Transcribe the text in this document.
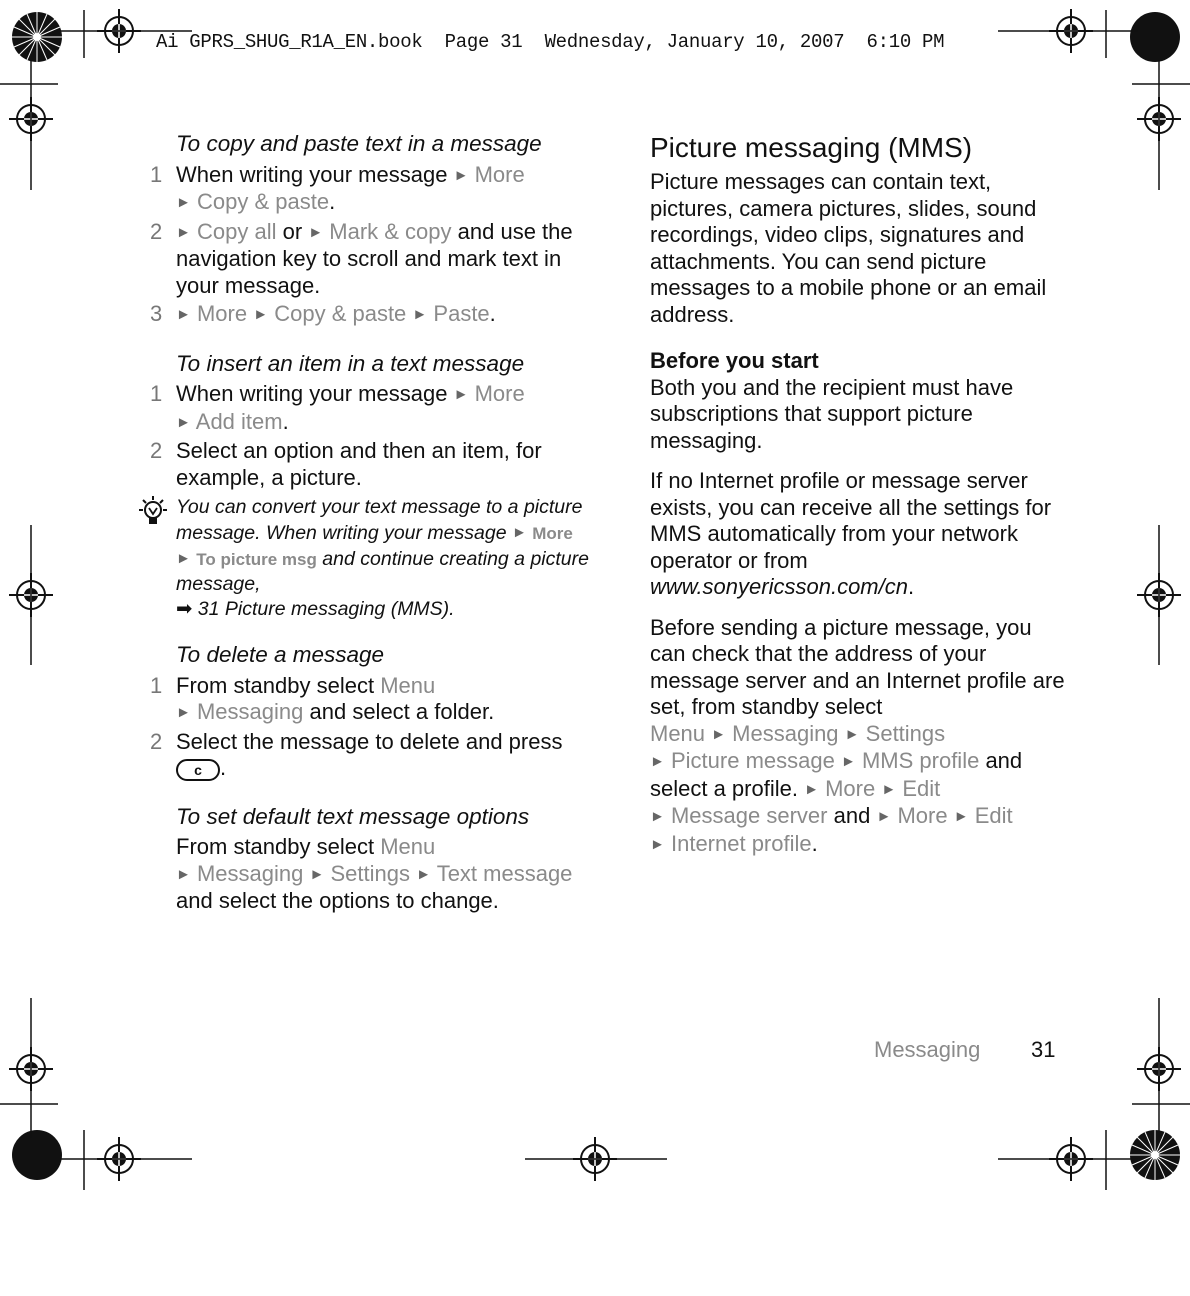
Ai GPRS_SHUG_R1A_EN.book  Page 31  Wednesday, January 10, 2007  6:10 PM
To copy and paste text in a message
1 When writing your message ► More
► Copy & paste.
2 ► Copy all or ► Mark & copy and use the navigation key to scroll and mark text in your message.
3 ► More ► Copy & paste ► Paste.
To insert an item in a text message
1 When writing your message ► More
► Add item.
2 Select an option and then an item, for example, a picture.
You can convert your text message to a picture message. When writing your message ► More ► To picture msg and continue creating a picture message,
➡ 31 Picture messaging (MMS).
To delete a message
1 From standby select Menu
► Messaging and select a folder.
2 Select the message to delete and press c .
To set default text message options
From standby select Menu
► Messaging ► Settings ► Text message and select the options to change.
Picture messaging (MMS)

Picture messages can contain text, pictures, camera pictures, slides, sound recordings, video clips, signatures and attachments. You can send picture messages to a mobile phone or an email address.

Before you start

Both you and the recipient must have subscriptions that support picture messaging.

If no Internet profile or message server exists, you can receive all the settings for MMS automatically from your network operator or from www.sonyericsson.com/cn.

Before sending a picture message, you can check that the address of your message server and an Internet profile are set, from standby select
Menu ► Messaging ► Settings
► Picture message ► MMS profile and select a profile. ► More ► Edit
► Message server and ► More ► Edit
► Internet profile.

Messaging 31
